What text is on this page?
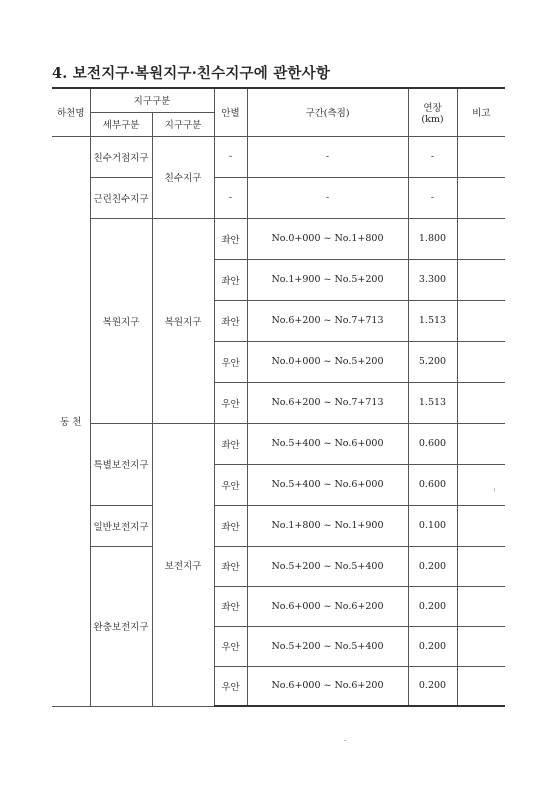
4. 보전지구·복원지구·친수지구에 관한사항
하천명	지구구분		안별	구간(측점)	연장
(km)	비고
	세부구분	지구구분				
동 천	친수거점지구	친수지구	-	-	-	
	근린친수지구		-	-	-	
	복원지구	복원지구	좌안	No.0+000 ~ No.1+800	1.800	
			좌안	No.1+900 ~ No.5+200	3.300	
			좌안	No.6+200 ~ No.7+713	1.513	
			우안	No.0+000 ~ No.5+200	5.200	
			우안	No.6+200 ~ No.7+713	1.513	
	특별보전지구	보전지구	좌안	No.5+400 ~ No.6+000	0.600	
			우안	No.5+400 ~ No.6+000	0.600	
	일반보전지구		좌안	No.1+800 ~ No.1+900	0.100	
	완충보전지구		좌안	No.5+200 ~ No.5+400	0.200	
			좌안	No.6+000 ~ No.6+200	0.200	
			우안	No.5+200 ~ No.5+400	0.200	
			우안	No.6+000 ~ No.6+200	0.200	
